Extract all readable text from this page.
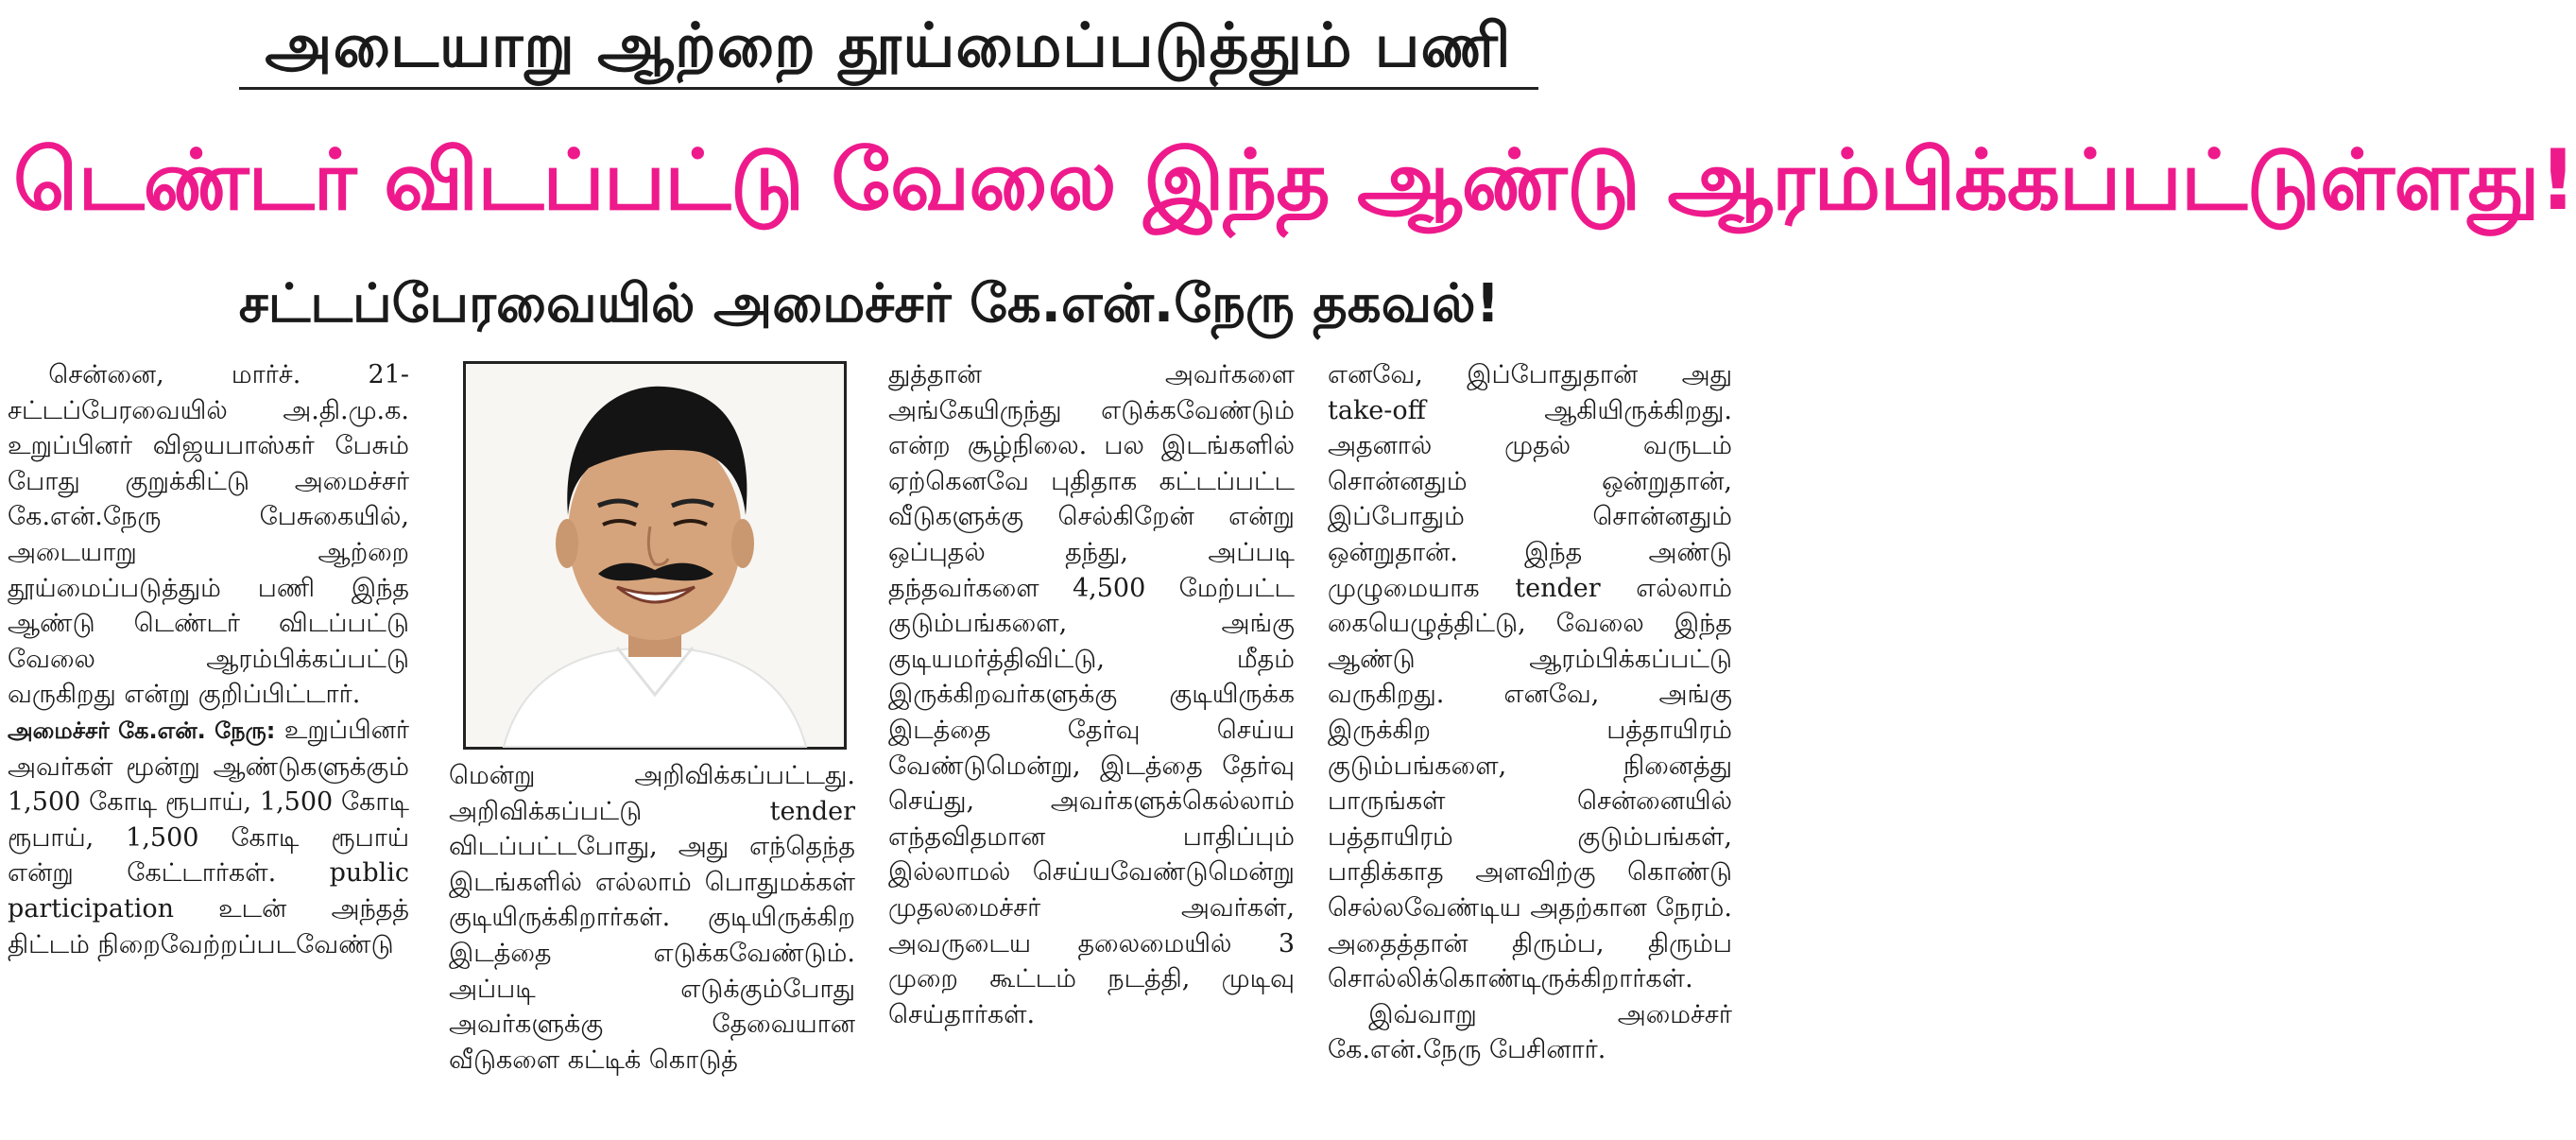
அடையாறு ஆற்றை தூய்மைப்படுத்தும் பணி
டெண்டர் விடப்பட்டு வேலை இந்த ஆண்டு ஆரம்பிக்கப்பட்டுள்ளது!
சட்டப்பேரவையில் அமைச்சர் கே.என்.நேரு தகவல்!

சென்னை, மார்ச். 21- சட்டப்பேரவையில் அ.தி.மு.க. உறுப்பினர் விஜயபாஸ்கர் பேசும் போது குறுக்கிட்டு அமைச்சர் கே.என்.நேரு பேசுகையில், அடையாறு ஆற்றை தூய்மைப்படுத்தும் பணி இந்த ஆண்டு டெண்டர் விடப்பட்டு வேலை ஆரம்பிக்கப்பட்டு வருகிறது என்று குறிப்பிட்டார்.

அமைச்சர் கே.என். நேரு: உறுப்பினர் அவர்கள் மூன்று ஆண்டுகளுக்கும் 1,500 கோடி ரூபாய், 1,500 கோடி ரூபாய், 1,500 கோடி ரூபாய் என்று கேட்டார்கள். public participation உடன் அந்தத் திட்டம் நிறைவேற்றப்படவேண்டு

மென்று அறிவிக்கப்பட்டது. அறிவிக்கப்பட்டு tender விடப்பட்டபோது, அது எந்தெந்த இடங்களில் எல்லாம் பொதுமக்கள் குடியிருக்கிறார்கள். குடியிருக்கிற இடத்தை எடுக்கவேண்டும். அப்படி எடுக்கும்போது அவர்களுக்கு தேவையான வீடுகளை கட்டிக் கொடுத்

துத்தான் அவர்களை அங்கேயிருந்து எடுக்கவேண்டும் என்ற சூழ்நிலை. பல இடங்களில் ஏற்கெனவே புதிதாக கட்டப்பட்ட வீடுகளுக்கு செல்கிறேன் என்று ஒப்புதல் தந்து, அப்படி தந்தவர்களை 4,500 மேற்பட்ட குடும்பங்களை, அங்கு குடியமர்த்திவிட்டு, மீதம் இருக்கிறவர்களுக்கு குடியிருக்க இடத்தை தேர்வு செய்ய வேண்டுமென்று, இடத்தை தேர்வு செய்து, அவர்களுக்கெல்லாம் எந்தவிதமான பாதிப்பும் இல்லாமல் செய்யவேண்டுமென்று முதலமைச்சர் அவர்கள், அவருடைய தலைமையில் 3 முறை கூட்டம் நடத்தி, முடிவு செய்தார்கள்.

எனவே, இப்போதுதான் அது take-off ஆகியிருக்கிறது. அதனால் முதல் வருடம் சொன்னதும் ஒன்றுதான், இப்போதும் சொன்னதும் ஒன்றுதான். இந்த அண்டு முழுமையாக tender எல்லாம் கையெழுத்திட்டு, வேலை இந்த ஆண்டு ஆரம்பிக்கப்பட்டு வருகிறது. எனவே, அங்கு இருக்கிற பத்தாயிரம் குடும்பங்களை, நினைத்து பாருங்கள் சென்னையில் பத்தாயிரம் குடும்பங்கள், பாதிக்காத அளவிற்கு கொண்டு செல்லவேண்டிய அதற்கான நேரம். அதைத்தான் திரும்ப, திரும்ப சொல்லிக்கொண்டிருக்கிறார்கள்.

இவ்வாறு அமைச்சர் கே.என்.நேரு பேசினார்.
